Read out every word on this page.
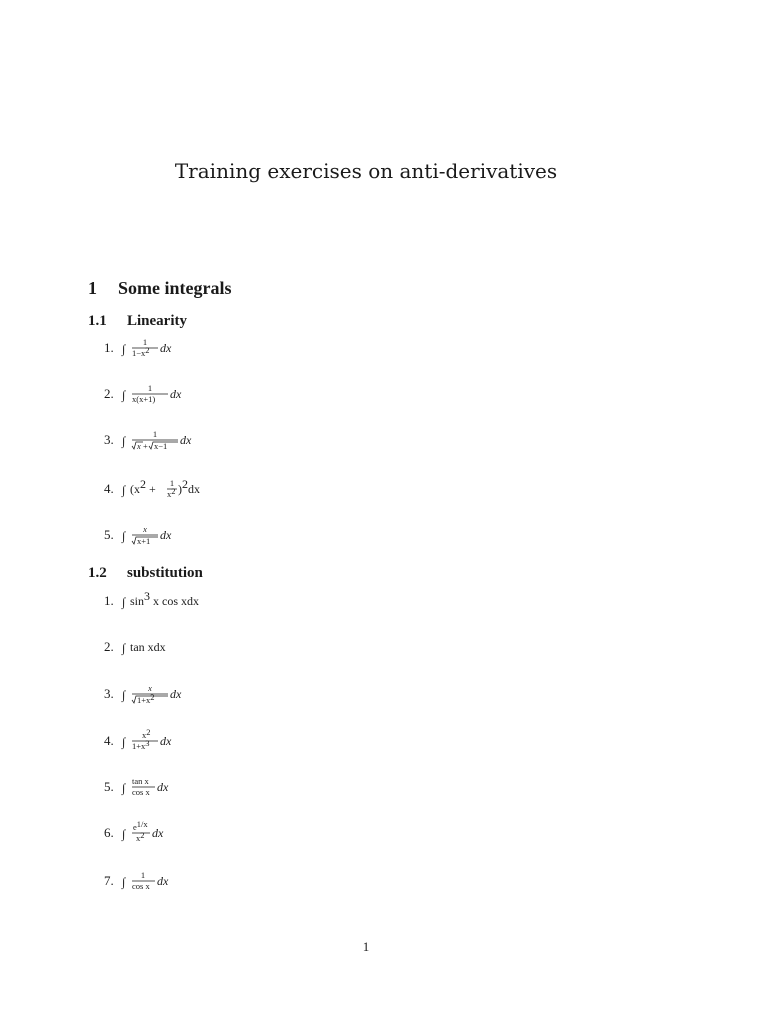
Training exercises on anti-derivatives
1 Some integrals
1.1 Linearity
1. ∫ 1
1−x2 dx
2. ∫	1
x(x+1) dx
3. ∫	1
x + x−1 dx
4. ∫ (x2 + 1
x2 )2dx
5. ∫ x
x+1 dx
1.2 substitution
1. ∫ sin3 x cos xdx
2. ∫ tan xdx
3. ∫	x
1+x2 dx
4. ∫ x2
1+x3 dx
5. ∫ tan x
cos x dx
6. ∫ e1/x
x2 dx
7. ∫ 1
cos x dx
1
